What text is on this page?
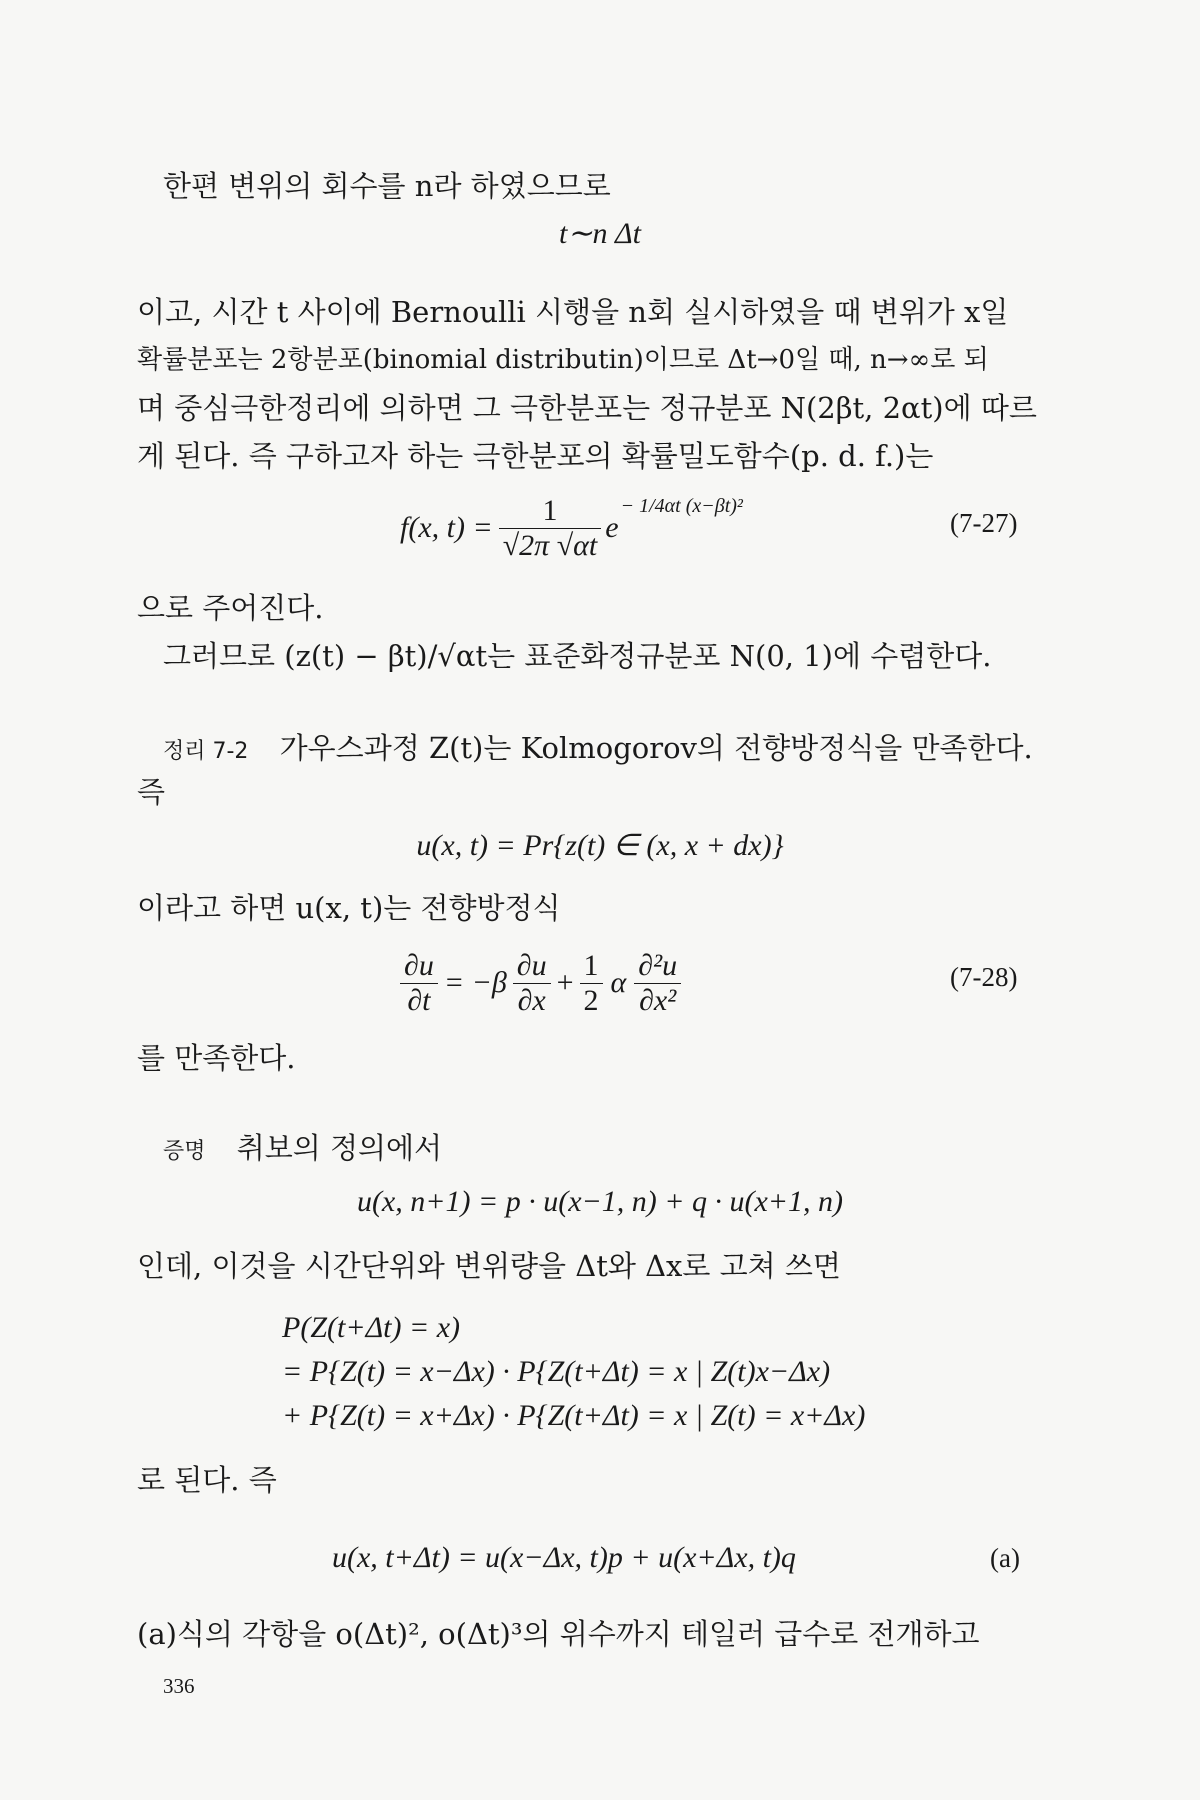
한편 변위의 회수를 n라 하였으므로
t∼n Δt
이고, 시간 t 사이에 Bernoulli 시행을 n회 실시하였을 때 변위가 x일
확률분포는 2항분포(binomial distributin)이므로 Δt→0일 때, n→∞로 되
며 중심극한정리에 의하면 그 극한분포는 정규분포 N(2βt, 2αt)에 따르
게 된다. 즉 구하고자 하는 극한분포의 확률밀도함수(p. d. f.)는
f(x, $t) = \frac{1}{√2\pi √\alpha t}$ e
− 1/4αt (x−βt)²
(7-27)
으로 주어진다.
그러므로 (z(t) − βt)/√αt는 표준화정규분포 N(0, 1)에 수렴한다.
정리 7-2 가우스과정 Z(t)는 Kolmogorov의 전향방정식을 만족한다.
즉
u(x, t) = Pr{z(t) ∈ (x, x + dx)}
이라고 하면 u(x, t)는 전향방정식
$\frac{\partial u}{\partial t} = -\beta \frac{\partial u}{\partial x} + \frac{1}{2}$ α $\frac{\text{∂²u}}{\text{∂x²}}$	(7-28)
를 만족한다.
증명 취보의 정의에서
u(x, n+1) = p · u(x−1, n) + q · u(x+1, n)
인데, 이것을 시간단위와 변위량을 Δt와 Δx로 고쳐 쓰면
P(Z(t+Δt) = x)
= P{Z(t) = x−Δx) · P{Z(t+Δt) = x | Z(t)x−Δx)
+ P{Z(t) = x+Δx) · P{Z(t+Δt) = x | Z(t) = x+Δx)
로 된다. 즉
u(x, t+Δt) = u(x−Δx, t)p + u(x+Δx, t)q	(a)
(a)식의 각항을 o(Δt)², o(Δt)³의 위수까지 테일러 급수로 전개하고
336
